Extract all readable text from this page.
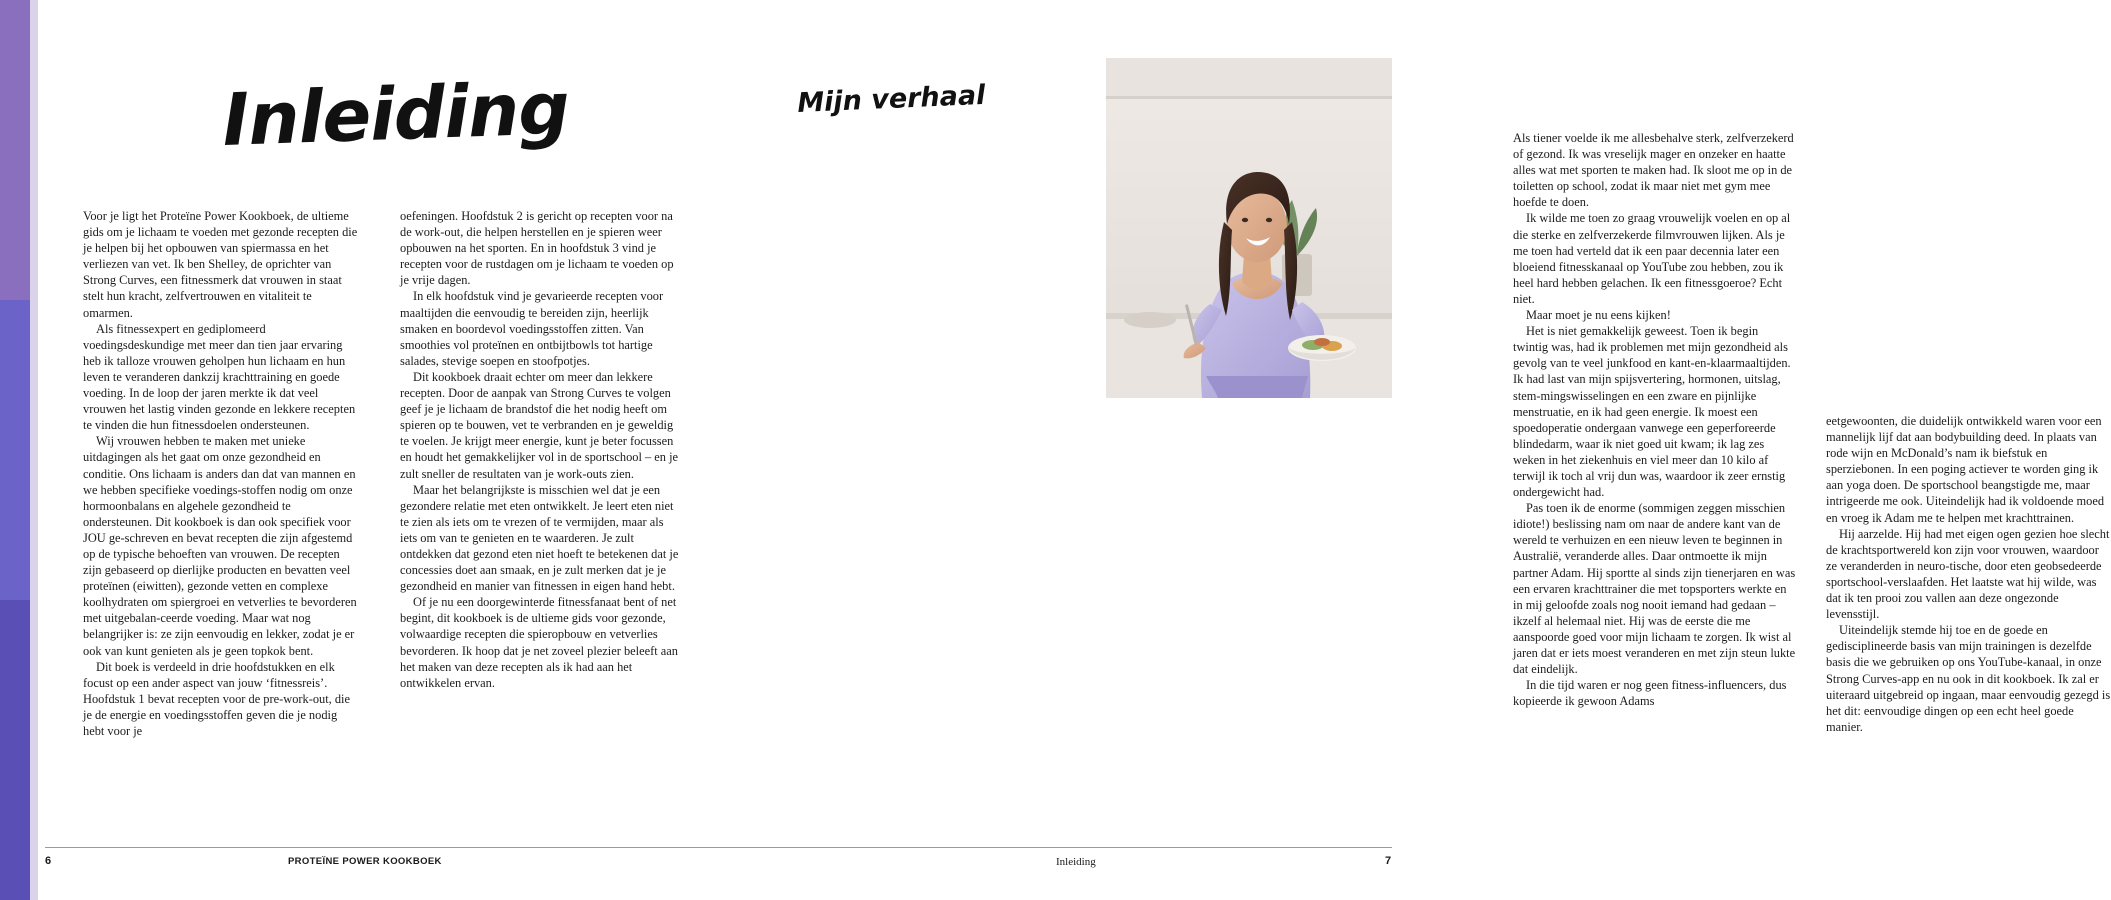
Inleiding

Voor je ligt het Proteïne Power Kookboek, de ultieme gids om je lichaam te voeden met gezonde recepten die je helpen bij het opbouwen van spiermassa en het verliezen van vet. Ik ben Shelley, de oprichter van Strong Curves, een fitnessmerk dat vrouwen in staat stelt hun kracht, zelfvertrouwen en vitaliteit te omarmen.

Als fitnessexpert en gediplomeerd voedingsdeskundige met meer dan tien jaar ervaring heb ik talloze vrouwen geholpen hun lichaam en hun leven te veranderen dankzij krachttraining en goede voeding. In de loop der jaren merkte ik dat veel vrouwen het lastig vinden gezonde en lekkere recepten te vinden die hun fitnessdoelen ondersteunen.

Wij vrouwen hebben te maken met unieke uitdagingen als het gaat om onze gezondheid en conditie. Ons lichaam is anders dan dat van mannen en we hebben specifieke voedings-stoffen nodig om onze hormoonbalans en algehele gezondheid te ondersteunen. Dit kookboek is dan ook specifiek voor JOU ge-schreven en bevat recepten die zijn afgestemd op de typische behoeften van vrouwen. De recepten zijn gebaseerd op dierlijke producten en bevatten veel proteïnen (eiwitten), gezonde vetten en complexe koolhydraten om spiergroei en vetverlies te bevorderen met uitgebalan-ceerde voeding. Maar wat nog belangrijker is: ze zijn eenvoudig en lekker, zodat je er ook van kunt genieten als je geen topkok bent.

Dit boek is verdeeld in drie hoofdstukken en elk focust op een ander aspect van jouw ‘fitnessreis’. Hoofdstuk 1 bevat recepten voor de pre-work-out, die je de energie en voedingsstoffen geven die je nodig hebt voor je

oefeningen. Hoofdstuk 2 is gericht op recepten voor na de work-out, die helpen herstellen en je spieren weer opbouwen na het sporten. En in hoofdstuk 3 vind je recepten voor de rustdagen om je lichaam te voeden op je vrije dagen.

In elk hoofdstuk vind je gevarieerde recepten voor maaltijden die eenvoudig te bereiden zijn, heerlijk smaken en boordevol voedingsstoffen zitten. Van smoothies vol proteïnen en ontbijtbowls tot hartige salades, stevige soepen en stoofpotjes.

Dit kookboek draait echter om meer dan lekkere recepten. Door de aanpak van Strong Curves te volgen geef je je lichaam de brandstof die het nodig heeft om spieren op te bouwen, vet te verbranden en je geweldig te voelen. Je krijgt meer energie, kunt je beter focussen en houdt het gemakkelijker vol in de sportschool – en je zult sneller de resultaten van je work-outs zien.

Maar het belangrijkste is misschien wel dat je een gezondere relatie met eten ontwikkelt. Je leert eten niet te zien als iets om te vrezen of te vermijden, maar als iets om van te genieten en te waarderen. Je zult ontdekken dat gezond eten niet hoeft te betekenen dat je concessies doet aan smaak, en je zult merken dat je je gezondheid en manier van fitnessen in eigen hand hebt.

Of je nu een doorgewinterde fitnessfanaat bent of net begint, dit kookboek is de ultieme gids voor gezonde, volwaardige recepten die spieropbouw en vetverlies bevorderen. Ik hoop dat je net zoveel plezier beleeft aan het maken van deze recepten als ik had aan het ontwikkelen ervan.

Mijn verhaal

Als tiener voelde ik me allesbehalve sterk, zelfverzekerd of gezond. Ik was vreselijk mager en onzeker en haatte alles wat met sporten te maken had. Ik sloot me op in de toiletten op school, zodat ik maar niet met gym mee hoefde te doen.

Ik wilde me toen zo graag vrouwelijk voelen en op al die sterke en zelfverzekerde filmvrouwen lijken. Als je me toen had verteld dat ik een paar decennia later een bloeiend fitnesskanaal op YouTube zou hebben, zou ik heel hard hebben gelachen. Ik een fitnessgoeroe? Echt niet.

Maar moet je nu eens kijken!

Het is niet gemakkelijk geweest. Toen ik begin twintig was, had ik problemen met mijn gezondheid als gevolg van te veel junkfood en kant-en-klaarmaaltijden. Ik had last van mijn spijsvertering, hormonen, uitslag, stem-mingswisselingen en een zware en pijnlijke menstruatie, en ik had geen energie. Ik moest een spoedoperatie ondergaan vanwege een geperforeerde blindedarm, waar ik niet goed uit kwam; ik lag zes weken in het ziekenhuis en viel meer dan 10 kilo af terwijl ik toch al vrij dun was, waardoor ik zeer ernstig ondergewicht had.

Pas toen ik de enorme (sommigen zeggen misschien idiote!) beslissing nam om naar de andere kant van de wereld te verhuizen en een nieuw leven te beginnen in Australië, veranderde alles. Daar ontmoette ik mijn partner Adam. Hij sportte al sinds zijn tienerjaren en was een ervaren krachttrainer die met topsporters werkte en in mij geloofde zoals nog nooit iemand had gedaan – ikzelf al helemaal niet. Hij was de eerste die me aanspoorde goed voor mijn lichaam te zorgen. Ik wist al jaren dat er iets moest veranderen en met zijn steun lukte dat eindelijk.

In die tijd waren er nog geen fitness-influencers, dus kopieerde ik gewoon Adams

eetgewoonten, die duidelijk ontwikkeld waren voor een mannelijk lijf dat aan bodybuilding deed. In plaats van rode wijn en McDonald’s nam ik biefstuk en sperziebonen. In een poging actiever te worden ging ik aan yoga doen. De sportschool beangstigde me, maar intrigeerde me ook. Uiteindelijk had ik voldoende moed en vroeg ik Adam me te helpen met krachttrainen.

Hij aarzelde. Hij had met eigen ogen gezien hoe slecht de krachtsportwereld kon zijn voor vrouwen, waardoor ze veranderden in neuro-tische, door eten geobsedeerde sportschool-verslaafden. Het laatste wat hij wilde, was dat ik ten prooi zou vallen aan deze ongezonde levensstijl.

Uiteindelijk stemde hij toe en de goede en gedisciplineerde basis van mijn trainingen is dezelfde basis die we gebruiken op ons YouTube-kanaal, in onze Strong Curves-app en nu ook in dit kookboek. Ik zal er uiteraard uitgebreid op ingaan, maar eenvoudig gezegd is het dit: eenvoudige dingen op een echt heel goede manier.

6	PROTEÏNE POWER KOOKBOEK	Inleiding	7
